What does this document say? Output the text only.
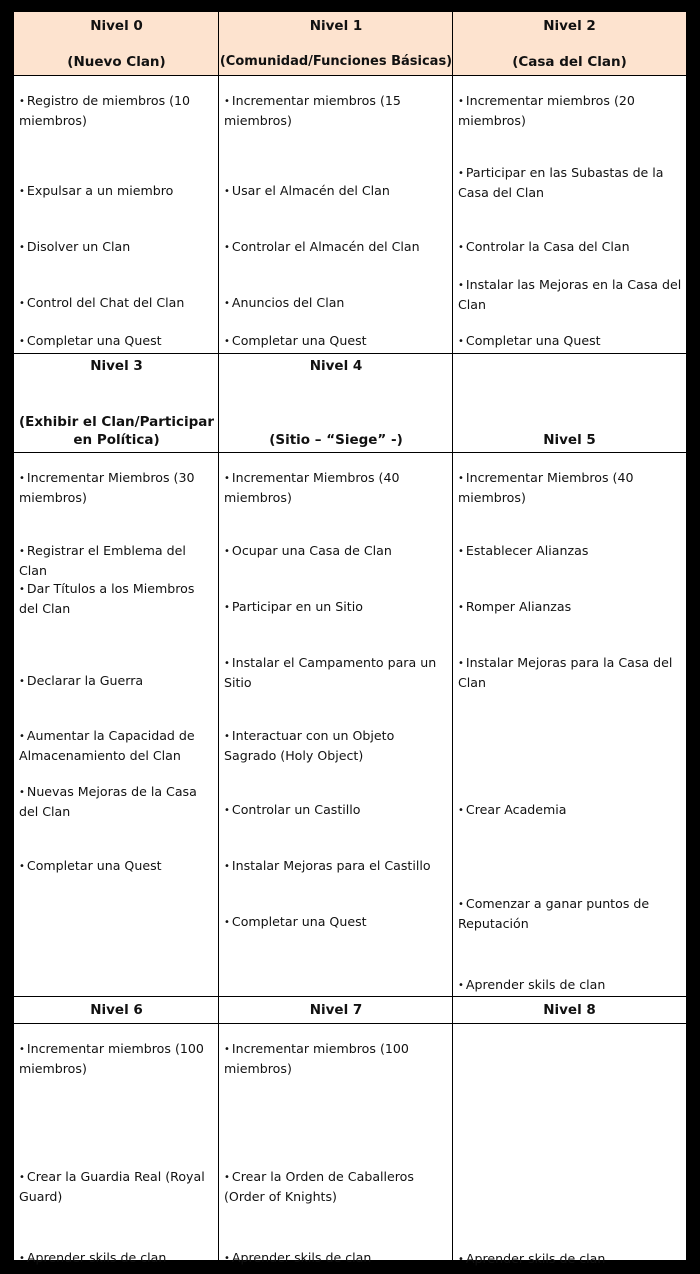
Nivel 0
(Nuevo Clan)
Nivel 1
(Comunidad/Funciones Básicas)
Nivel 2
(Casa del Clan)
• Registro de miembros (10 miembros)
• Expulsar a un miembro
• Disolver un Clan
• Control del Chat del Clan
• Completar una Quest
• Incrementar miembros (15 miembros)
• Usar el Almacén del Clan
• Controlar el Almacén del Clan
• Anuncios del Clan
• Completar una Quest
• Incrementar miembros (20 miembros)
• Participar en las Subastas de la Casa del Clan
• Controlar la Casa del Clan
• Instalar las Mejoras en la Casa del Clan
• Completar una Quest
Nivel 3
(Exhibir el Clan/Participar en Política)
Nivel 4
(Sitio – “Siege” -)	Nivel 5
• Incrementar Miembros (30 miembros)
• Registrar el Emblema del Clan
• Dar Títulos a los Miembros del Clan
• Declarar la Guerra
• Aumentar la Capacidad de Almacenamiento del Clan
• Nuevas Mejoras de la Casa del Clan
• Completar una Quest
• Incrementar Miembros (40 miembros)
• Ocupar una Casa de Clan
• Participar en un Sitio
• Instalar el Campamento para un Sitio
• Interactuar con un Objeto Sagrado (Holy Object)
• Controlar un Castillo
• Instalar Mejoras para el Castillo
• Completar una Quest
• Incrementar Miembros (40 miembros)
• Establecer Alianzas
• Romper Alianzas
• Instalar Mejoras para la Casa del Clan
• Crear Academia
• Comenzar a ganar puntos de Reputación
• Aprender skils de clan
Nivel 6	Nivel 7	Nivel 8
• Incrementar miembros (100 miembros)
• Crear la Guardia Real (Royal Guard)
• Aprender skils de clan
• Incrementar miembros (100 miembros)
• Crear la Orden de Caballeros (Order of Knights)
• Aprender skils de clan
•	Aprender skils de clan
